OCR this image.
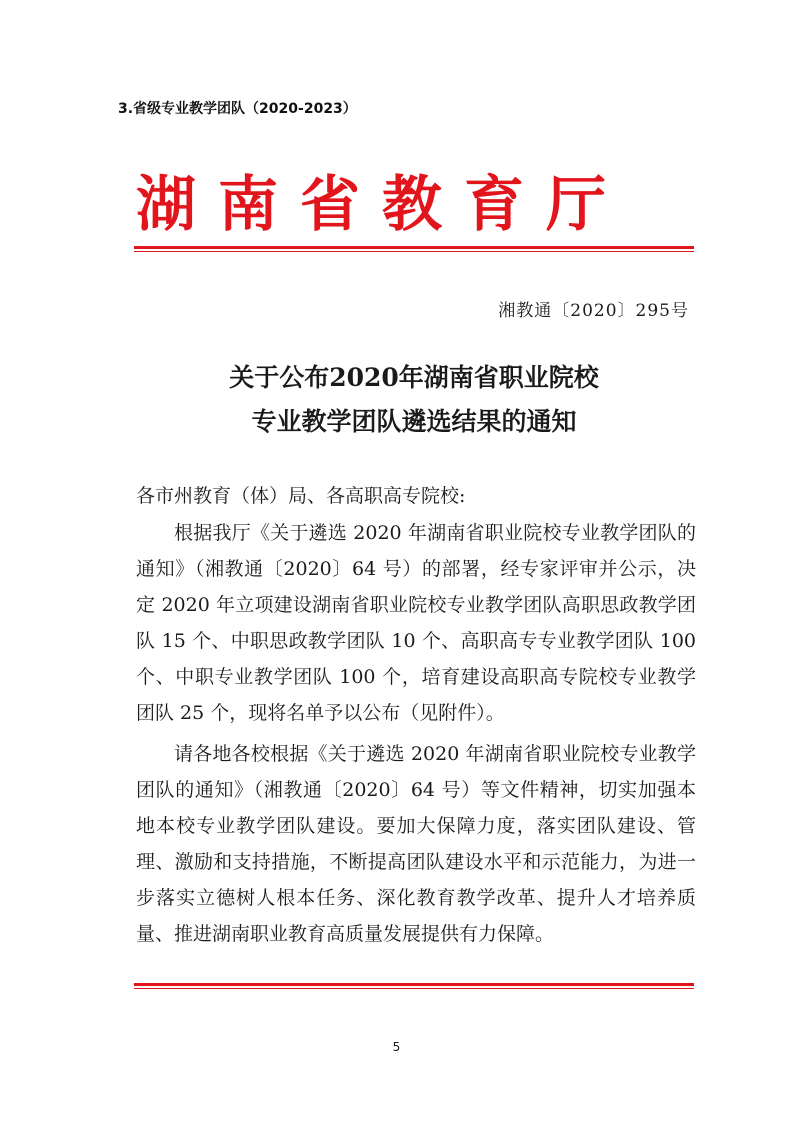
3.省级专业教学团队（2020-2023）
湖南省教育厅
湘教通〔2020〕295号
关于公布2020年湖南省职业院校
专业教学团队遴选结果的通知
各市州教育（体）局、各高职高专院校:
根据我厅《关于遴选 2020 年湖南省职业院校专业教学团队的通知》（湘教通〔2020〕64 号）的部署，经专家评审并公示，决定 2020 年立项建设湖南省职业院校专业教学团队高职思政教学团队 15 个、中职思政教学团队 10 个、高职高专专业教学团队 100 个、中职专业教学团队 100 个，培育建设高职高专院校专业教学团队 25 个，现将名单予以公布（见附件）。
请各地各校根据《关于遴选 2020 年湖南省职业院校专业教学团队的通知》（湘教通〔2020〕64 号）等文件精神，切实加强本地本校专业教学团队建设。要加大保障力度，落实团队建设、管理、激励和支持措施，不断提高团队建设水平和示范能力，为进一步落实立德树人根本任务、深化教育教学改革、提升人才培养质量、推进湖南职业教育高质量发展提供有力保障。
5
